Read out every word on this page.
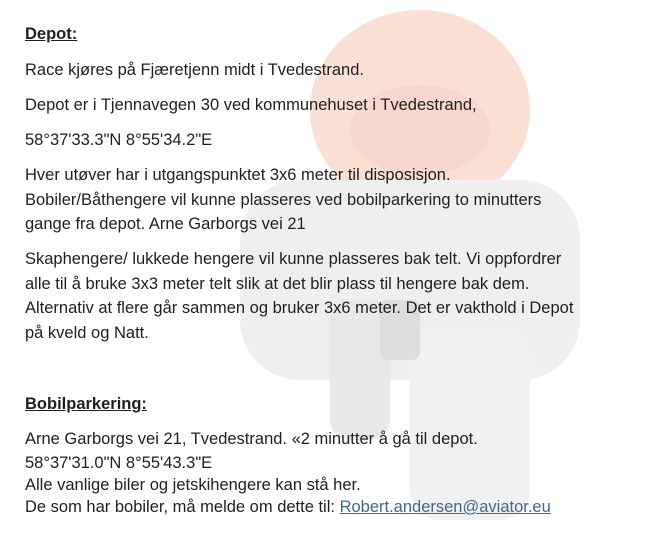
Depot:
Race kjøres på Fjæretjenn midt i Tvedestrand.
Depot er i Tjennavegen 30 ved kommunehuset i Tvedestrand,
58°37'33.3"N 8°55'34.2"E
Hver utøver har i utgangspunktet 3x6 meter til disposisjon.
Bobiler/Båthengere vil kunne plasseres ved bobilparkering to minutters
gange fra depot. Arne Garborgs vei 21
Skaphengere/ lukkede hengere vil kunne plasseres bak telt. Vi oppfordrer
alle til å bruke 3x3 meter telt slik at det blir plass til hengere bak dem.
Alternativ at flere går sammen og bruker 3x6 meter. Det er vakthold i Depot
på kveld og Natt.
Bobilparkering:
Arne Garborgs vei 21, Tvedestrand. «2 minutter å gå til depot.
58°37'31.0"N 8°55'43.3"E
Alle vanlige biler og jetskihengere kan stå her.
De som har bobiler, må melde om dette til: Robert.andersen@aviator.eu
